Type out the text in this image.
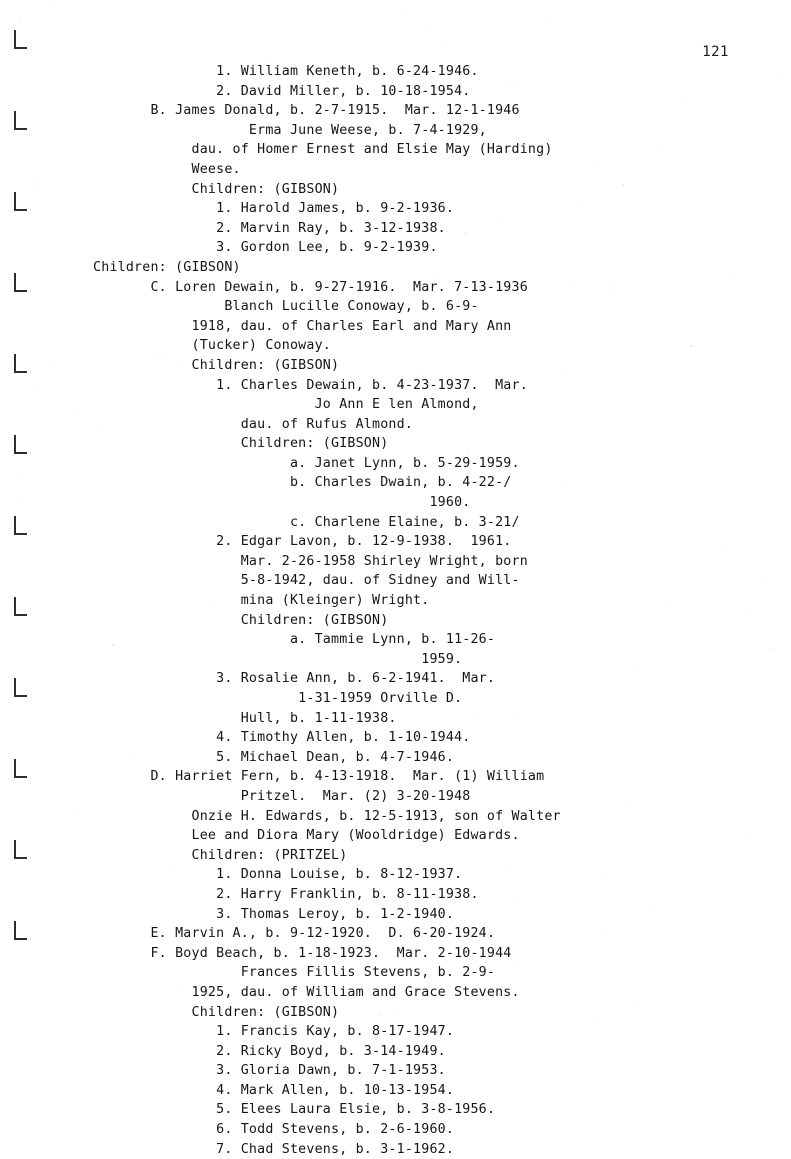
121
1. William Keneth, b. 6-24-1946.
2. David Miller, b. 10-18-1954.
B. James Donald, b. 2-7-1915.  Mar. 12-1-1946
Erma June Weese, b. 7-4-1929,
dau. of Homer Ernest and Elsie May (Harding)
Weese.
Children: (GIBSON)
1. Harold James, b. 9-2-1936.
2. Marvin Ray, b. 3-12-1938.
3. Gordon Lee, b. 9-2-1939.
Children: (GIBSON)
C. Loren Dewain, b. 9-27-1916.  Mar. 7-13-1936
Blanch Lucille Conoway, b. 6-9-
1918, dau. of Charles Earl and Mary Ann
(Tucker) Conoway.
Children: (GIBSON)
1. Charles Dewain, b. 4-23-1937.  Mar.
Jo Ann E len Almond,
dau. of Rufus Almond.
Children: (GIBSON)
a. Janet Lynn, b. 5-29-1959.
b. Charles Dwain, b. 4-22-/
1960.
c. Charlene Elaine, b. 3-21/
2. Edgar Lavon, b. 12-9-1938.  1961.
Mar. 2-26-1958 Shirley Wright, born
5-8-1942, dau. of Sidney and Will-
mina (Kleinger) Wright.
Children: (GIBSON)
a. Tammie Lynn, b. 11-26-
1959.
3. Rosalie Ann, b. 6-2-1941.  Mar.
1-31-1959 Orville D.
Hull, b. 1-11-1938.
4. Timothy Allen, b. 1-10-1944.
5. Michael Dean, b. 4-7-1946.
D. Harriet Fern, b. 4-13-1918.  Mar. (1) William
Pritzel.  Mar. (2) 3-20-1948
Onzie H. Edwards, b. 12-5-1913, son of Walter
Lee and Diora Mary (Wooldridge) Edwards.
Children: (PRITZEL)
1. Donna Louise, b. 8-12-1937.
2. Harry Franklin, b. 8-11-1938.
3. Thomas Leroy, b. 1-2-1940.
E. Marvin A., b. 9-12-1920.  D. 6-20-1924.
F. Boyd Beach, b. 1-18-1923.  Mar. 2-10-1944
Frances Fillis Stevens, b. 2-9-
1925, dau. of William and Grace Stevens.
Children: (GIBSON)
1. Francis Kay, b. 8-17-1947.
2. Ricky Boyd, b. 3-14-1949.
3. Gloria Dawn, b. 7-1-1953.
4. Mark Allen, b. 10-13-1954.
5. Elees Laura Elsie, b. 3-8-1956.
6. Todd Stevens, b. 2-6-1960.
7. Chad Stevens, b. 3-1-1962.
